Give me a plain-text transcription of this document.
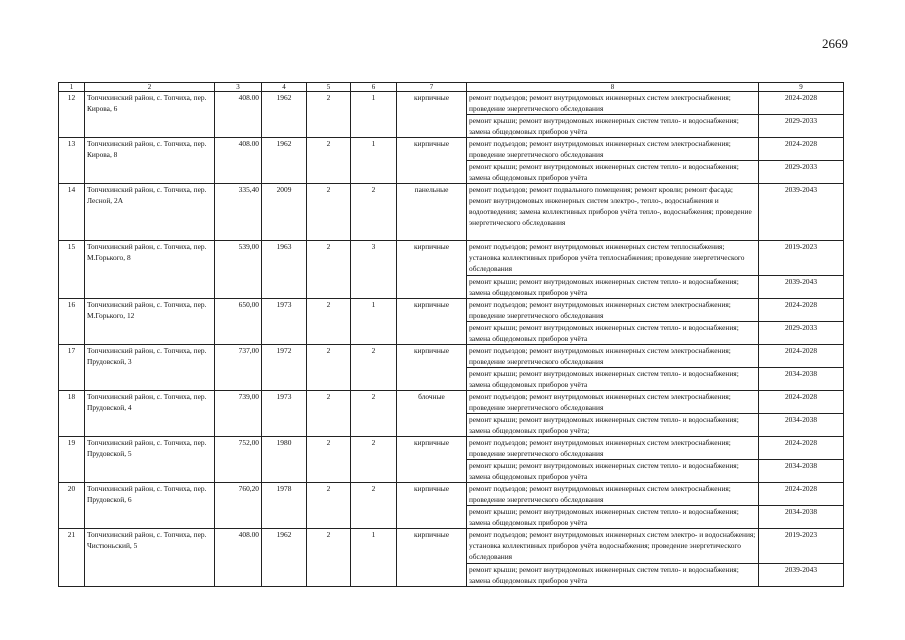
2669
1	2	3	4	5	6	7	8	9
12	Топчихинский район, с. Топчиха, пер. Кирова, 6	408.00	1962	2	1	кирпичные	ремонт подъездов; ремонт внутридомовых инженерных систем электроснабжения; проведение энергетического обследования	2024-2028
							ремонт крыши; ремонт внутридомовых инженерных систем тепло- и водоснабжения; замена общедомовых приборов учёта	2029-2033
13	Топчихинский район, с. Топчиха, пер. Кирова, 8	408.00	1962	2	1	кирпичные	ремонт подъездов; ремонт внутридомовых инженерных систем электроснабжения; проведение энергетического обследования	2024-2028
							ремонт крыши; ремонт внутридомовых инженерных систем тепло- и водоснабжения; замена общедомовых приборов учёта	2029-2033
14	Топчихинский район, с. Топчиха, пер. Лесной, 2А	335,40	2009	2	2	панельные	ремонт подъездов; ремонт подвального помещения; ремонт кровли; ремонт фасада; ремонт внутридомовых инженерных систем электро-, тепло-, водоснабжения и водоотведения; замена коллективных приборов учёта тепло-, водоснабжения; проведение энергетического обследования	2039-2043
15	Топчихинский район, с. Топчиха, пер. М.Горького, 8	539,00	1963	2	3	кирпичные	ремонт подъездов; ремонт внутридомовых инженерных систем теплоснабжения; установка коллективных приборов учёта теплоснабжения; проведение энергетического обследования	2019-2023
							ремонт крыши; ремонт внутридомовых инженерных систем тепло- и водоснабжения; замена общедомовых приборов учёта	2039-2043
16	Топчихинский район, с. Топчиха, пер. М.Горького, 12	650,00	1973	2	1	кирпичные	ремонт подъездов; ремонт внутридомовых инженерных систем электроснабжения; проведение энергетического обследования	2024-2028
							ремонт крыши; ремонт внутридомовых инженерных систем тепло- и водоснабжения; замена общедомовых приборов учёта	2029-2033
17	Топчихинский район, с. Топчиха, пер. Прудовской, 3	737,00	1972	2	2	кирпичные	ремонт подъездов; ремонт внутридомовых инженерных систем электроснабжения; проведение энергетического обследования	2024-2028
							ремонт крыши; ремонт внутридомовых инженерных систем тепло- и водоснабжения; замена общедомовых приборов учёта	2034-2038
18	Топчихинский район, с. Топчиха, пер. Прудовской, 4	739,00	1973	2	2	блочные	ремонт подъездов; ремонт внутридомовых инженерных систем электроснабжения; проведение энергетического обследования	2024-2028
							ремонт крыши; ремонт внутридомовых инженерных систем тепло- и водоснабжения; замена общедомовых приборов учёта;	2034-2038
19	Топчихинский район, с. Топчиха, пер. Прудовской, 5	752,00	1980	2	2	кирпичные	ремонт подъездов; ремонт внутридомовых инженерных систем электроснабжения; проведение энергетического обследования	2024-2028
							ремонт крыши; ремонт внутридомовых инженерных систем тепло- и водоснабжения; замена общедомовых приборов учёта	2034-2038
20	Топчихинский район, с. Топчиха, пер. Прудовской, 6	760,20	1978	2	2	кирпичные	ремонт подъездов; ремонт внутридомовых инженерных систем электроснабжения; проведение энергетического обследования	2024-2028
							ремонт крыши; ремонт внутридомовых инженерных систем тепло- и водоснабжения; замена общедомовых приборов учёта	2034-2038
21	Топчихинский район, с. Топчиха, пер. Чистюньский, 5	408.00	1962	2	1	кирпичные	ремонт подъездов; ремонт внутридомовых инженерных систем электро- и водоснабжения; установка коллективных приборов учёта водоснабжения; проведение энергетического обследования	2019-2023
							ремонт крыши; ремонт внутридомовых инженерных систем тепло- и водоснабжения; замена общедомовых приборов учёта	2039-2043
